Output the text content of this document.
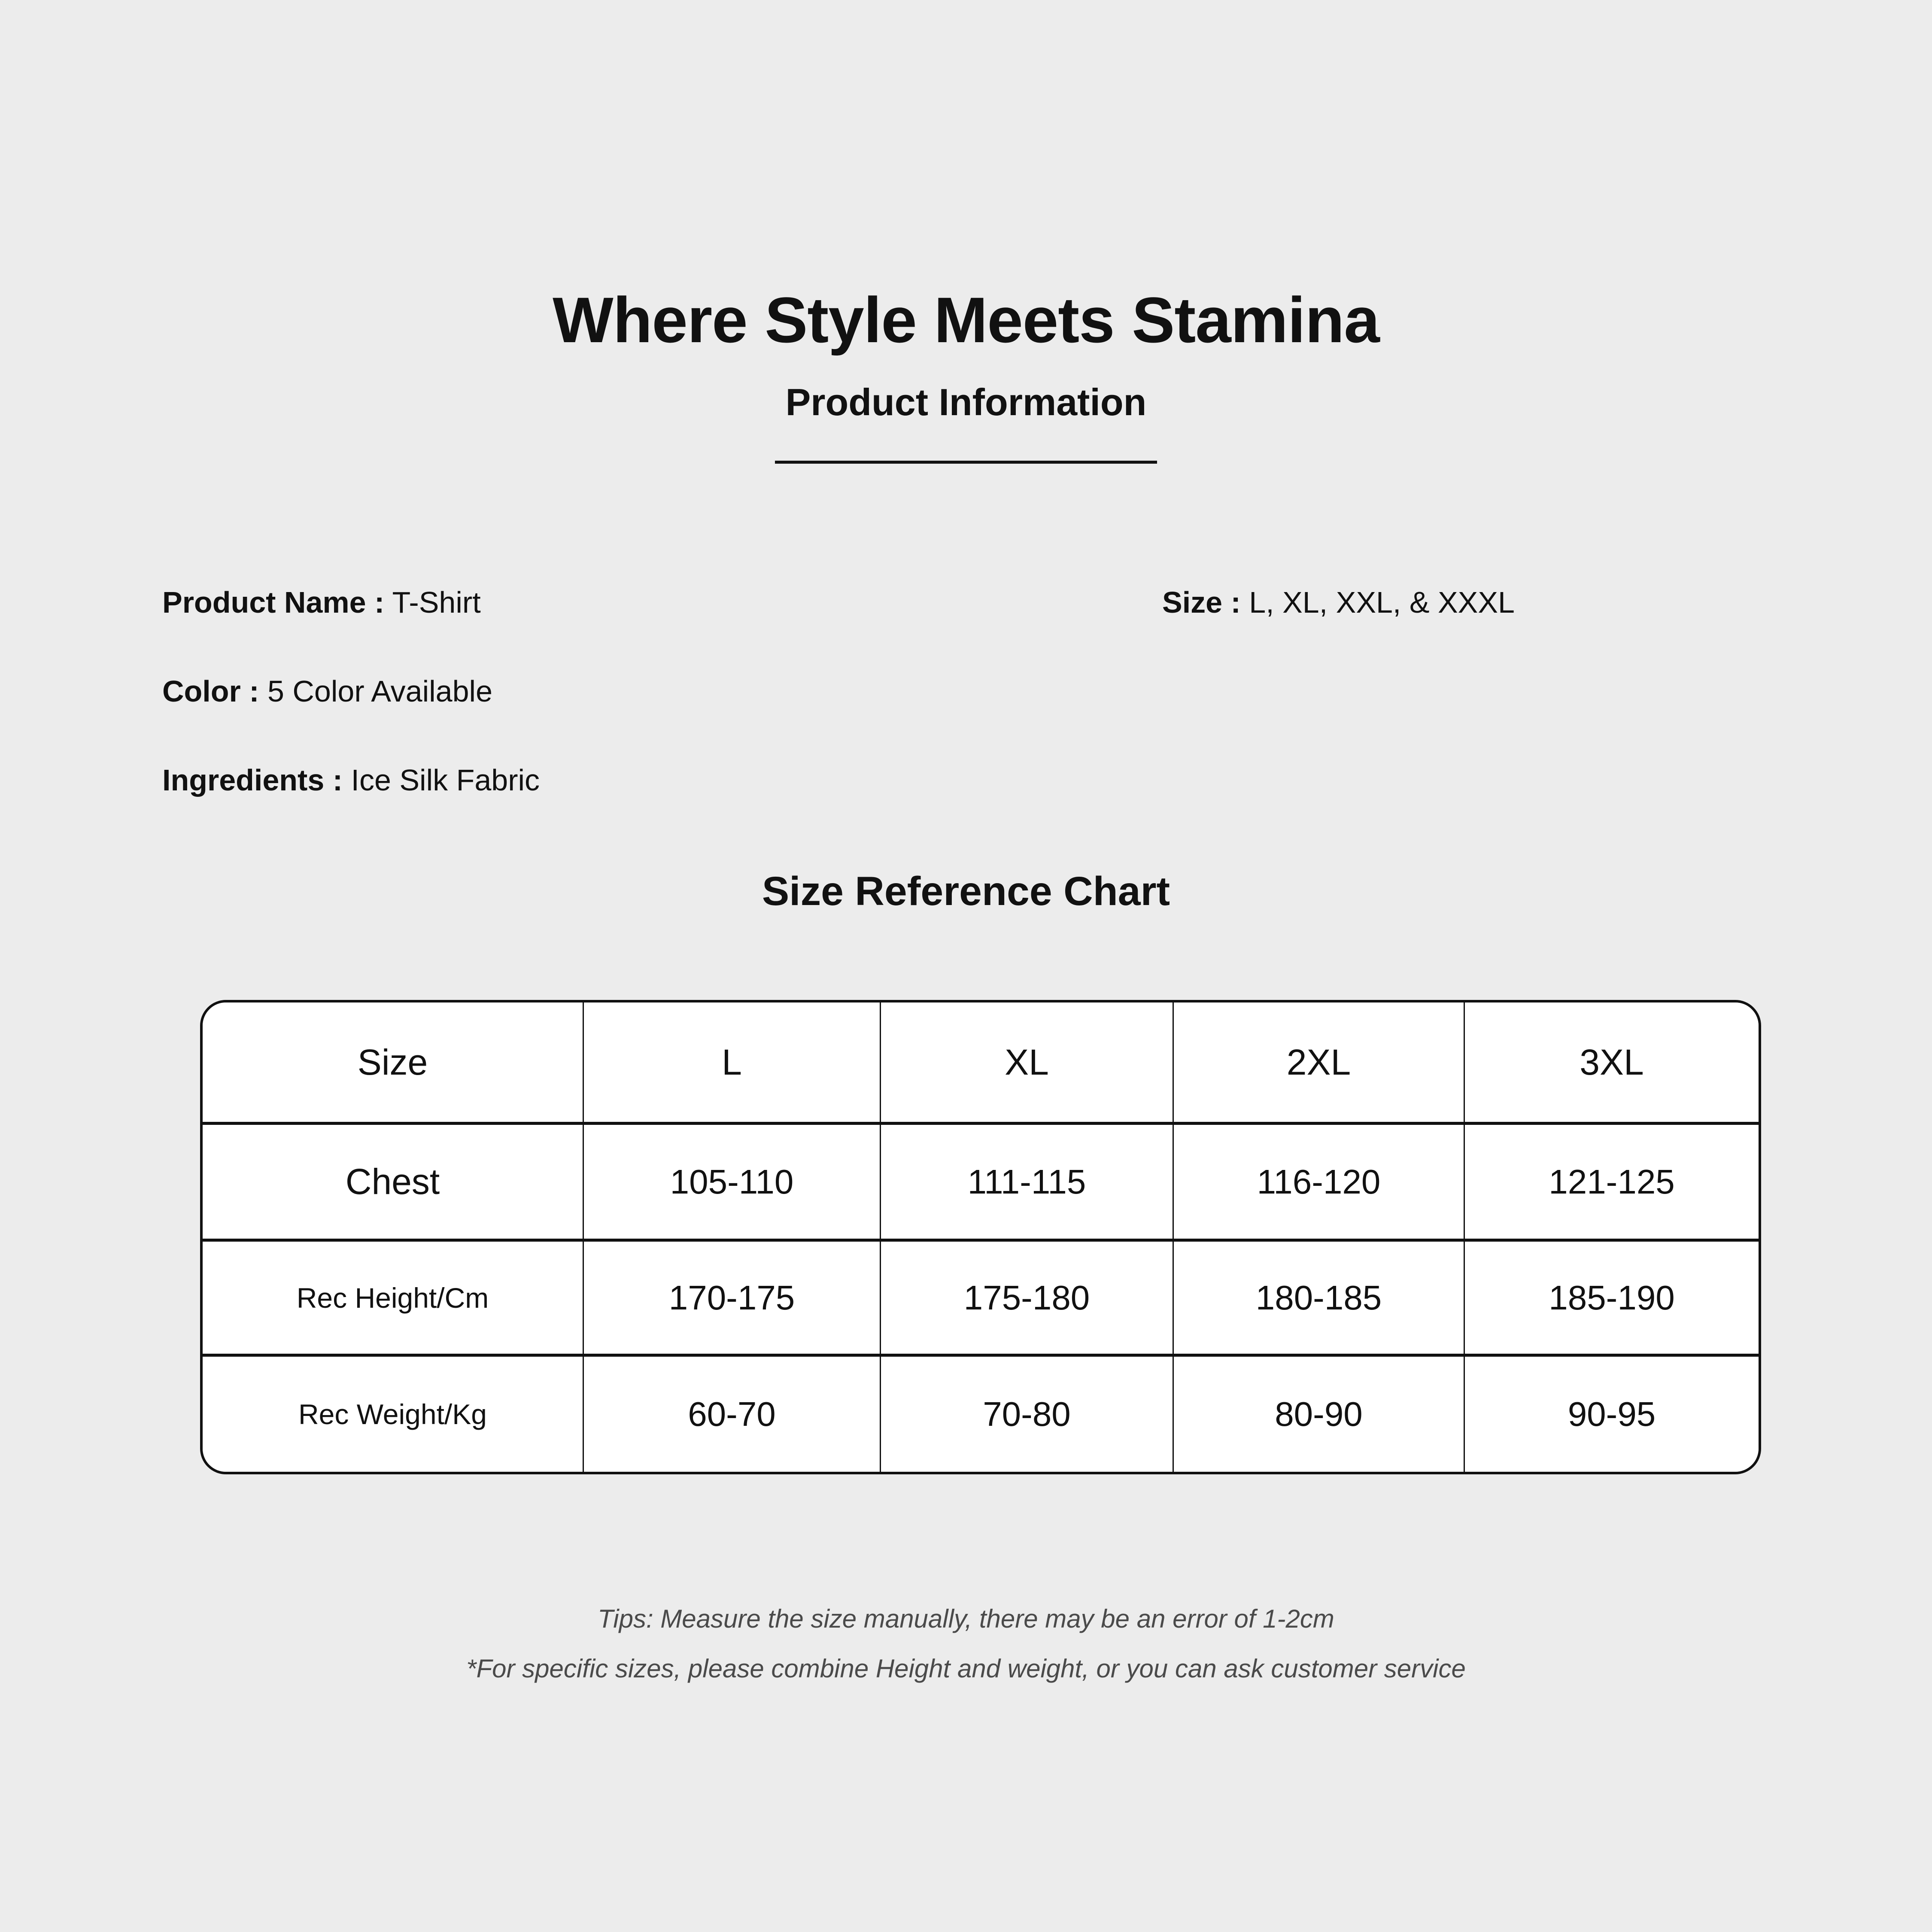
Where Style Meets Stamina
Product Information
Product Name : T-Shirt
Color : 5 Color Available
Ingredients : Ice Silk Fabric
Size : L, XL, XXL, & XXXL
Size Reference Chart
Size	L	XL	2XL	3XL
Chest	105-110	111-115	116-120	121-125
Rec Height/Cm	170-175	175-180	180-185	185-190
Rec Weight/Kg	60-70	70-80	80-90	90-95
Tips: Measure the size manually, there may be an error of 1-2cm
*For specific sizes, please combine Height and weight, or you can ask customer service
